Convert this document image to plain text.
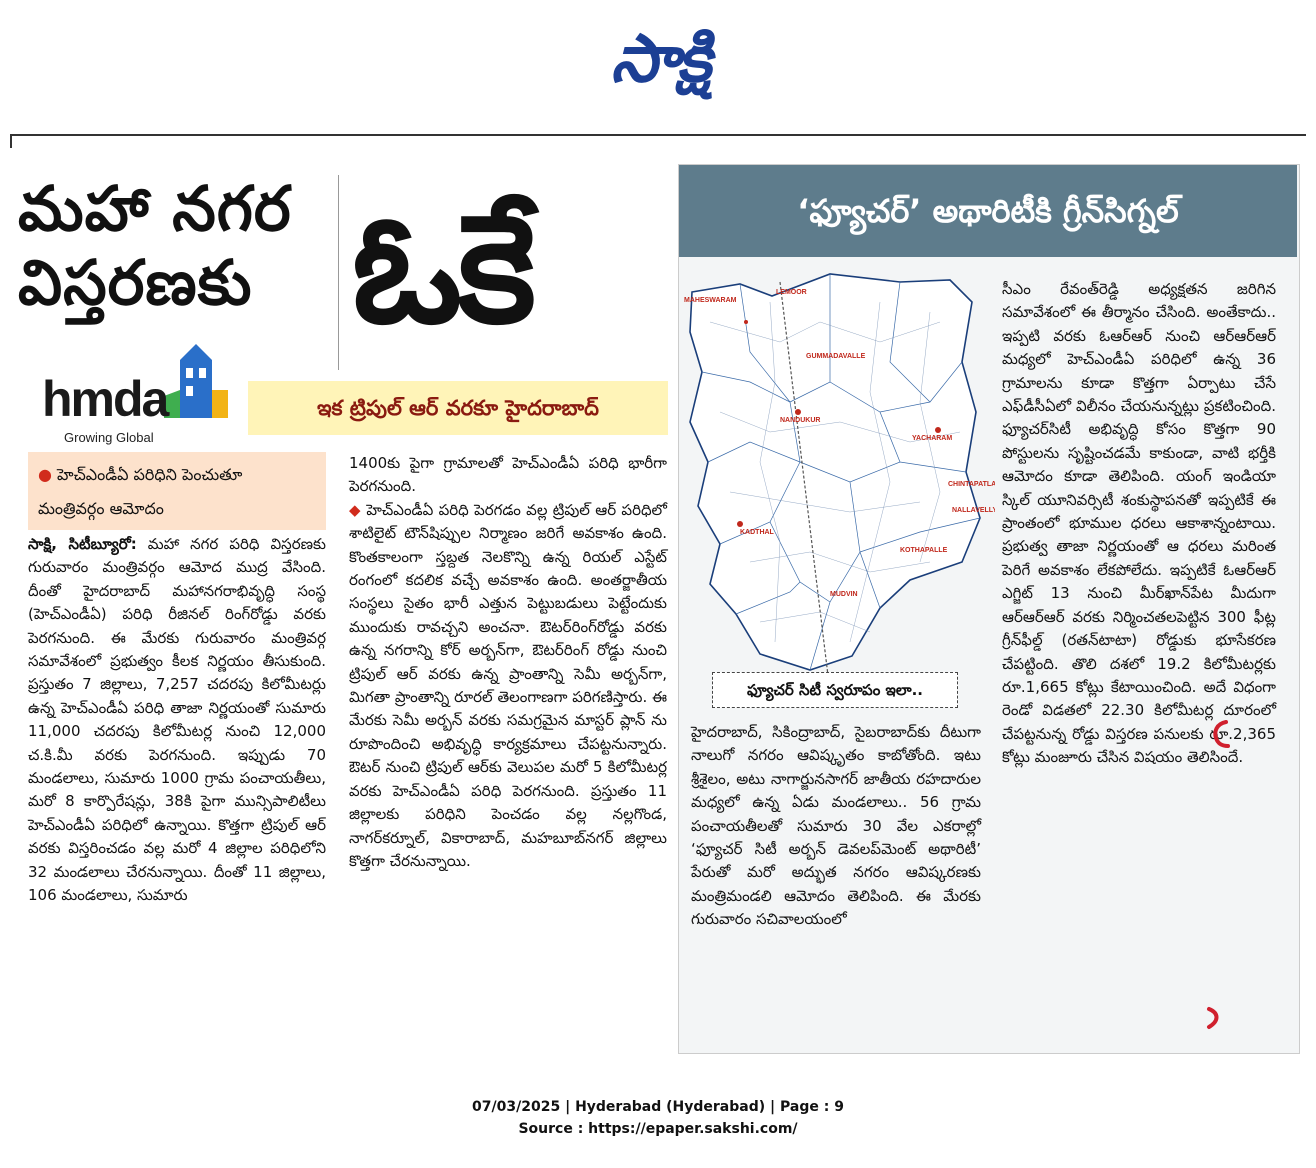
సాక్షి
మహా నగర
విస్తరణకు ఓకే
hmda
Growing Global
ఇక ట్రిపుల్ ఆర్ వరకూ హైదరాబాద్
● హెచ్ఎండీఏ పరిధిని పెంచుతూ
మంత్రివర్గం ఆమోదం
సాక్షి, సిటీబ్యూరో: మహా నగర పరిధి విస్తరణకు గురువారం మంత్రివర్గం ఆమోద ముద్ర వేసింది. దీంతో హైదరాబాద్ మహానగరాభివృద్ధి సంస్థ (హెచ్ఎండీఏ) పరిధి రీజినల్ రింగ్‌రోడ్డు వరకు పెరగనుంది. ఈ మేరకు గురువారం మంత్రివర్గ సమావేశంలో ప్రభుత్వం కీలక నిర్ణయం తీసుకుంది. ప్రస్తుతం 7 జిల్లాలు, 7,257 చదరపు కిలోమీటర్లు ఉన్న హెచ్ఎండీఏ పరిధి తాజా నిర్ణయంతో సుమారు 11,000 చదరపు కిలోమీటర్ల నుంచి 12,000 చ.కి.మీ వరకు పెరగనుంది. ఇప్పుడు 70 మండలాలు, సుమారు 1000 గ్రామ పంచాయతీలు, మరో 8 కార్పొరేషన్లు, 38కి పైగా మున్సిపాలిటీలు హెచ్ఎండీఏ పరిధిలో ఉన్నాయి. కొత్తగా ట్రిపుల్ ఆర్ వరకు విస్తరించడం వల్ల మరో 4 జిల్లాల పరిధిలోని 32 మండలాలు చేరనున్నాయి. దీంతో 11 జిల్లాలు, 106 మండలాలు, సుమారు
1400కు పైగా గ్రామాలతో హెచ్ఎండీఏ పరిధి భారీగా పెరగనుంది.
◆ హెచ్ఎండీఏ పరిధి పెరగడం వల్ల ట్రిపుల్ ఆర్ పరిధిలో శాటిలైట్ టౌన్‌షిప్పుల నిర్మాణం జరిగే అవకాశం ఉంది. కొంతకాలంగా స్తబ్దత నెలకొన్ని ఉన్న రియల్ ఎస్టేట్ రంగంలో కదలిక వచ్చే అవకాశం ఉంది. అంతర్జాతీయ సంస్థలు సైతం భారీ ఎత్తున పెట్టుబడులు పెట్టేందుకు ముందుకు రావచ్చని అంచనా. ఔటర్‌రింగ్‌రోడ్డు వరకు ఉన్న నగరాన్ని కోర్ అర్బన్‌గా, ఔటర్‌రింగ్ రోడ్డు నుంచి ట్రిపుల్ ఆర్ వరకు ఉన్న ప్రాంతాన్ని సెమీ అర్బన్‌గా, మిగతా ప్రాంతాన్ని రూరల్ తెలంగాణగా పరిగణిస్తారు. ఈ మేరకు సెమీ అర్బన్ వరకు సమగ్రమైన మాస్టర్ ప్లాన్ ను రూపొందించి అభివృద్ధి కార్యక్రమాలు చేపట్టనున్నారు. ఔటర్ నుంచి ట్రిపుల్ ఆర్‌కు వెలుపల మరో 5 కిలోమీటర్ల వరకు హెచ్ఎండీఏ పరిధి పెరగనుంది. ప్రస్తుతం 11 జిల్లాలకు పరిధిని పెంచడం వల్ల నల్లగొండ, నాగర్‌కర్నూల్, వికారాబాద్, మహబూబ్‌నగర్ జిల్లాలు కొత్తగా చేరనున్నాయి.
‘ఫ్యూచర్’ అథారిటీకి గ్రీన్‌సిగ్నల్
MAHESWARAM
LEMOOR
GUMMADAVALLE
NANDUKUR
YACHARAM
CHINTAPATLA
NALLAVELLY
KADTHAL
KOTHAPALLE
MUDVIN
ఫ్యూచర్ సిటీ స్వరూపం ఇలా..
హైదరాబాద్, సికింద్రాబాద్, సైబరాబాద్‌కు దీటుగా నాలుగో నగరం ఆవిష్కృతం కాబోతోంది. ఇటు శ్రీశైలం, అటు నాగార్జునసాగర్ జాతీయ రహదారుల మధ్యలో ఉన్న ఏడు మండలాలు.. 56 గ్రామ పంచాయతీలతో సుమారు 30 వేల ఎకరాల్లో ‘ఫ్యూచర్ సిటీ అర్బన్ డెవలప్‌మెంట్ అథారిటీ’ పేరుతో మరో అద్భుత నగరం ఆవిష్కరణకు మంత్రిమండలి ఆమోదం తెలిపింది. ఈ మేరకు గురువారం సచివాలయంలో
సీఎం రేవంత్‌రెడ్డి అధ్యక్షతన జరిగిన సమావేశంలో ఈ తీర్మానం చేసింది. అంతేకాదు.. ఇప్పటి వరకు ఓఆర్ఆర్ నుంచి ఆర్ఆర్ఆర్ మధ్యలో హెచ్ఎండీఏ పరిధిలో ఉన్న 36 గ్రామాలను కూడా కొత్తగా ఏర్పాటు చేసే ఎఫ్‌డీసీఏలో విలీనం చేయనున్నట్లు ప్రకటించింది. ఫ్యూచర్‌సిటీ అభివృద్ధి కోసం కొత్తగా 90 పోస్టులను సృష్టించడమే కాకుండా, వాటి భర్తీకి ఆమోదం కూడా తెలిపింది. యంగ్ ఇండియా స్కిల్ యూనివర్సిటీ శంకుస్థాపనతో ఇప్పటికే ఈ ప్రాంతంలో భూముల ధరలు ఆకాశాన్నంటాయి. ప్రభుత్వ తాజా నిర్ణయంతో ఆ ధరలు మరింత పెరిగే అవకాశం లేకపోలేదు. ఇప్పటికే ఓఆర్ఆర్ ఎగ్జిట్ 13 నుంచి మీర్‌ఖాన్‌పేట మీదుగా ఆర్ఆర్ఆర్ వరకు నిర్మించతలపెట్టిన 300 ఫీట్ల గ్రీన్‌ఫీల్డ్ (రతన్‌టాటా) రోడ్డుకు భూసేకరణ చేపట్టింది. తొలి దశలో 19.2 కిలోమీటర్లకు రూ.1,665 కోట్లు కేటాయించింది. అదే విధంగా రెండో విడతలో 22.30 కిలోమీటర్ల దూరంలో చేపట్టనున్న రోడ్డు విస్తరణ పనులకు రూ.2,365 కోట్లు మంజూరు చేసిన విషయం తెలిసిందే.
07/03/2025 | Hyderabad (Hyderabad) | Page : 9
Source : https://epaper.sakshi.com/
